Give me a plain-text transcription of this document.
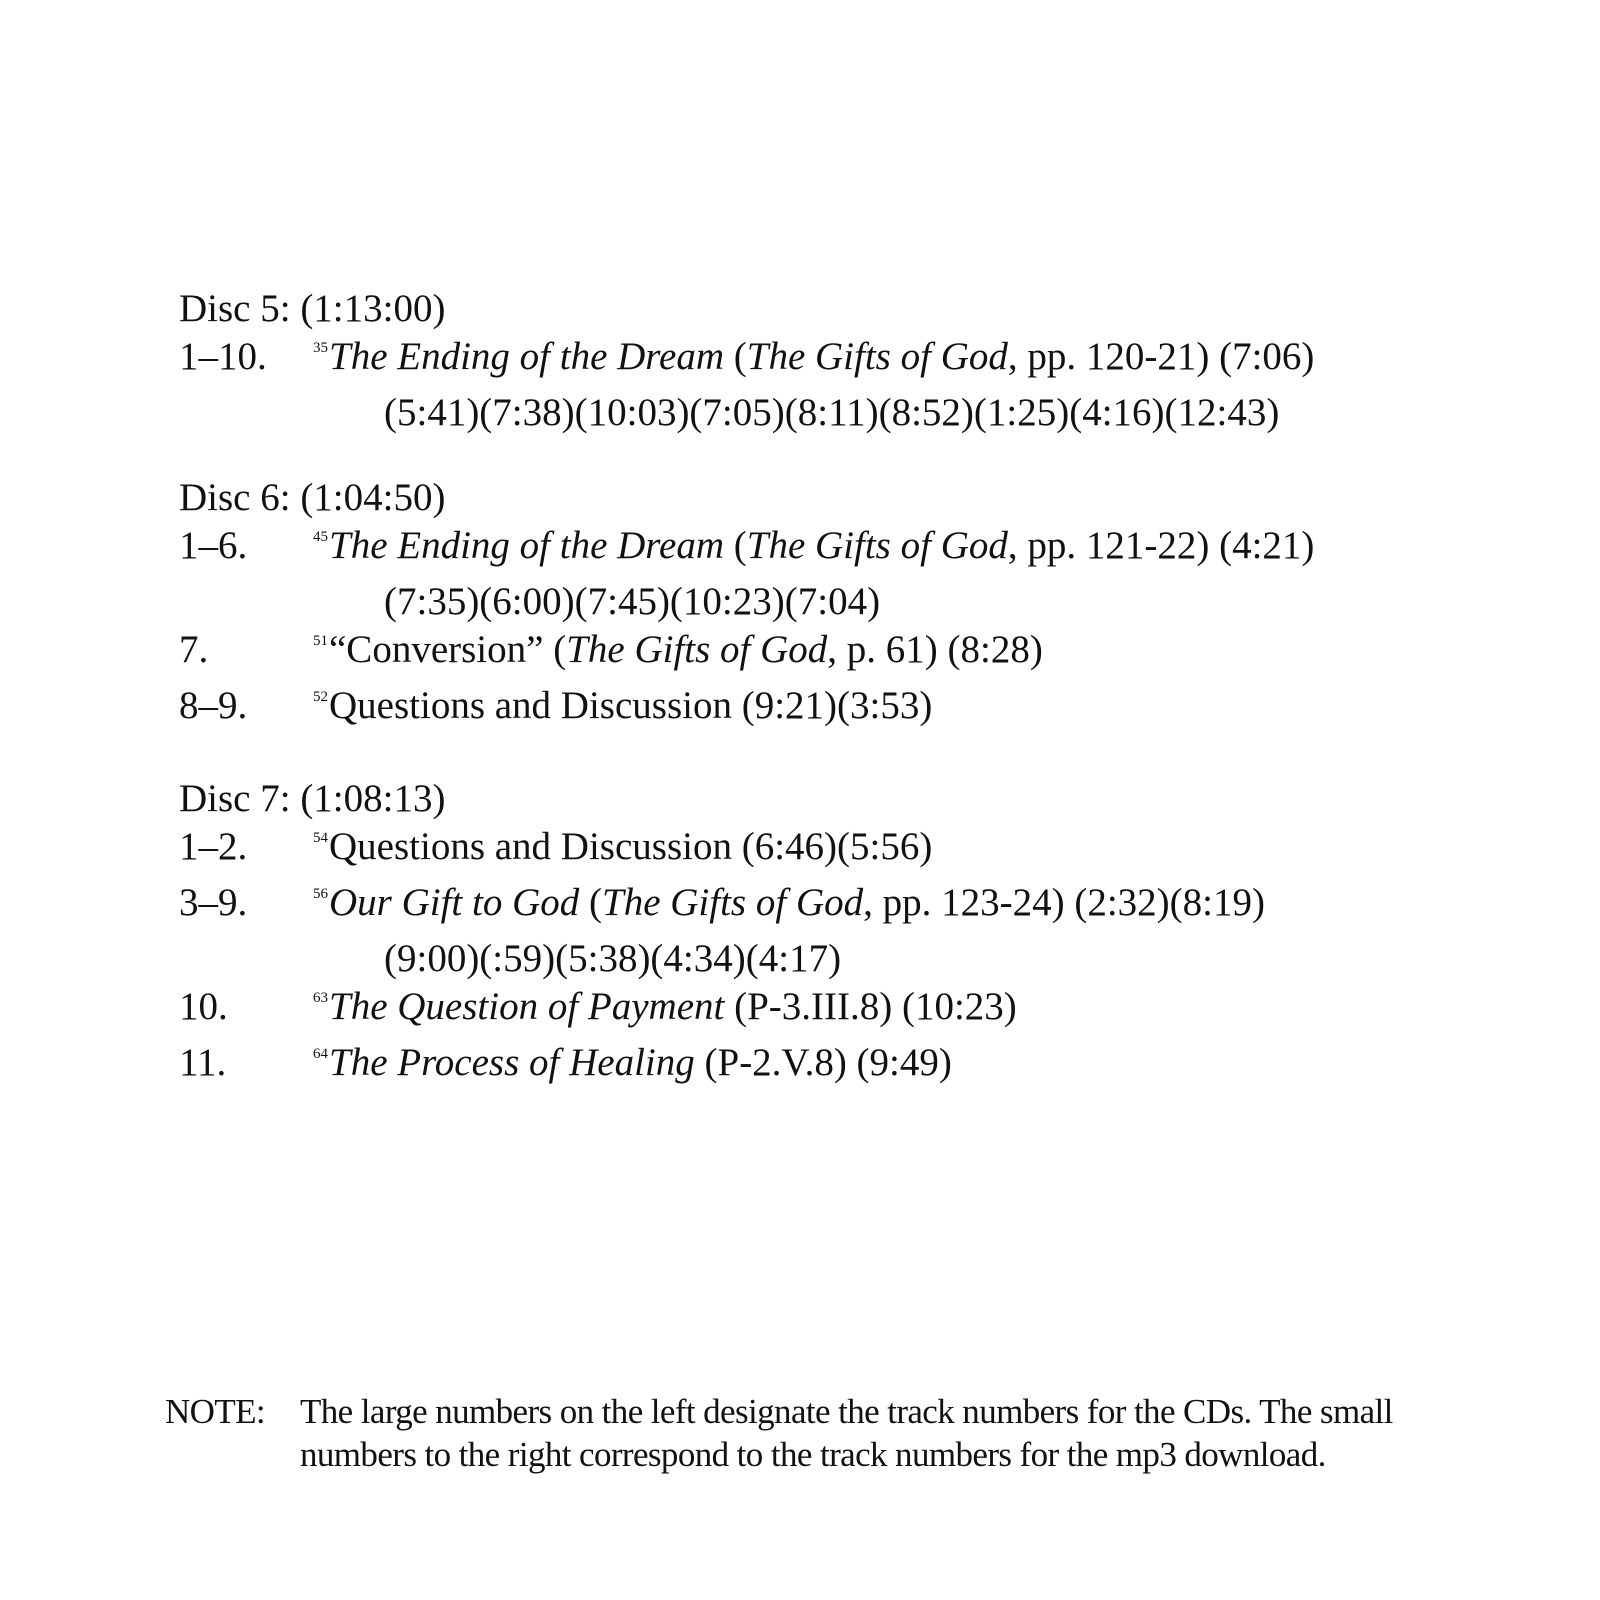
Disc 5: (1:13:00)
1–10.	$^{35}$The Ending of the Dream (The Gifts of God, pp. 120-21) (7:06)
(5:41)(7:38)(10:03)(7:05)(8:11)(8:52)(1:25)(4:16)(12:43)
Disc 6: (1:04:50)
1–6.	$^{45}$The Ending of the Dream (The Gifts of God, pp. 121-22) (4:21)
(7:35)(6:00)(7:45)(10:23)(7:04)
7.	$^{51}$“Conversion” (The Gifts of God, p. 61) (8:28)
8–9.	$^{52}$Questions and Discussion (9:21)(3:53)
Disc 7: (1:08:13)
1–2.	$^{54}$Questions and Discussion (6:46)(5:56)
3–9.	$^{56}$Our Gift to God (The Gifts of God, pp. 123-24) (2:32)(8:19)
(9:00)(:59)(5:38)(4:34)(4:17)
10.	$^{63}$The Question of Payment (P-3.III.8) (10:23)
11.	$^{64}$The Process of Healing (P-2.V.8) (9:49)
NOTE: The large numbers on the left designate the track numbers for the CDs. The small numbers to the right correspond to the track numbers for the mp3 download.
